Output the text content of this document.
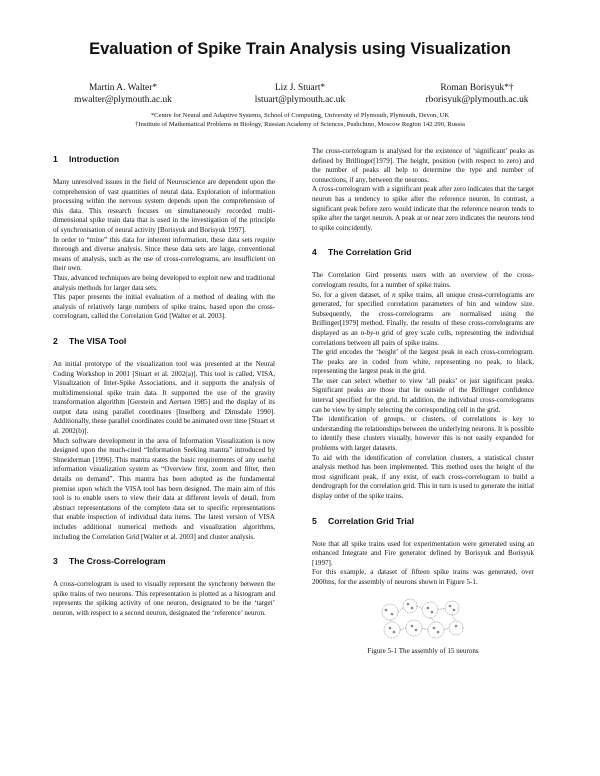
Evaluation of Spike Train Analysis using Visualization
Martin A. Walter*
mwalter@plymouth.ac.uk
Liz J. Stuart*
lstuart@plymouth.ac.uk
Roman Borisyuk*†
rborisyuk@plymouth.ac.uk
*Centre for Neural and Adaptive Systems, School of Computing, University of Plymouth, Plymouth, Devon, UK
†Institute of Mathematical Problems in Biology, Russian Academy of Sciences, Pushchino, Moscow Region 142 290, Russia
1 Introduction

Many unresolved issues in the field of Neuroscience are dependent upon the comprehension of vast quantities of neural data. Exploration of information processing within the nervous system depends upon the comprehension of this data. This research focuses on simultaneously recorded multi-dimensional spike train data that is used in the investigation of the principle of synchronisation of neural activity [Borisyuk and Borisyuk 1997].

In order to “mine” this data for inherent information, these data sets require thorough and diverse analysis. Since these data sets are large, conventional means of analysis, such as the use of cross-correlograms, are insufficient on their own.

Thus, advanced techniques are being developed to exploit new and traditional analysis methods for larger data sets.

This paper presents the initial evaluation of a method of dealing with the analysis of relatively large numbers of spike trains, based upon the cross-correlogram, called the Correlation Grid [Walter et al. 2003].

2 The VISA Tool

An initial prototype of the visualization tool was presented at the Neural Coding Workshop in 2001 [Stuart et al. 2002(a)]. This tool is called, VISA, Visualization of Inter-Spike Associations, and it supports the analysis of multidimensional spike train data. It supported the use of the gravity transformation algorithm [Gerstein and Aertsen 1985] and the display of its output data using parallel coordinates [Inselberg and Dimsdale 1990]. Additionally, these parallel coordinates could be animated over time [Stuart et al. 2002(b)].

Much software development in the area of Information Visualization is now designed upon the much-cited “Information Seeking mantra” introduced by Shneiderman [1996]. This mantra states the basic requirements of any useful information visualization system as “Overview first, zoom and filter, then details on demand”. This mantra has been adopted as the fundamental premise upon which the VISA tool has been designed. The main aim of this tool is to enable users to view their data at different levels of detail, from abstract representations of the complete data set to specific representations that enable inspection of individual data items. The latest version of VISA includes additional numerical methods and visualization algorithms, including the Correlation Grid [Walter et al. 2003] and cluster analysis.

3 The Cross-Correlogram

A cross-correlogram is used to visually represent the synchrony between the spike trains of two neurons. This representation is plotted as a histogram and represents the spiking activity of one neuron, designated to be the ‘target’ neuron, with respect to a second neuron, designated the ‘reference’ neuron.

The cross-correlogram is analysed for the existence of ‘significant’ peaks as defined by Brillinger[1979]. The height, position (with respect to zero) and the number of peaks all help to determine the type and number of connections, if any, between the neurons.

A cross-correlogram with a significant peak after zero indicates that the target neuron has a tendency to spike after the reference neuron. In contrast, a significant peak before zero would indicate that the reference neuron tends to spike after the target neuron. A peak at or near zero indicates the neurons tend to spike coincidently.

4 The Correlation Grid

The Correlation Gird presents users with an overview of the cross-correlogram results, for a number of spike trains.

So, for a given dataset, of n spike trains, all unique cross-correlograms are generated, for specified correlation parameters of bin and window size. Subsequently, the cross-correlograms are normalised using the Brillinger[1979] method. Finally, the results of these cross-correlograms are displayed as an n-by-n grid of grey scale cells, representing the individual correlations between all pairs of spike trains.

The grid encodes the ‘height’ of the largest peak in each cross-correlogram. The peaks are in coded from white, representing no peak, to black, representing the largest peak in the grid.

The user can select whether to view ‘all peaks’ or just significant peaks. Significant peaks are those that lie outside of the Brillinger confidence interval specified for the grid. In addition, the individual cross-correlograms can be view by simply selecting the corresponding cell in the grid.

The identification of groups, or clusters, of correlations is key to understanding the relationships between the underlying neurons. It is possible to identify these clusters visually, however this is not easily expanded for problems with larger datasets.

To aid with the identification of correlation clusters, a statistical cluster analysis method has been implemented. This method uses the height of the most significant peak, if any exist, of each cross-correlogram to build a dendrograph for the correlation grid. This in turn is used to generate the initial display order of the spike trains.

5 Correlation Grid Trial

Note that all spike trains used for experimentation were generated using an enhanced Integrate and Fire generator defined by Borisyuk and Borisyuk [1997].

For this example, a dataset of fifteen spike trains was generated, over 2000ms, for the assembly of neurons shown in Figure 5-1.

Figure 5-1 The assembly of 15 neurons
